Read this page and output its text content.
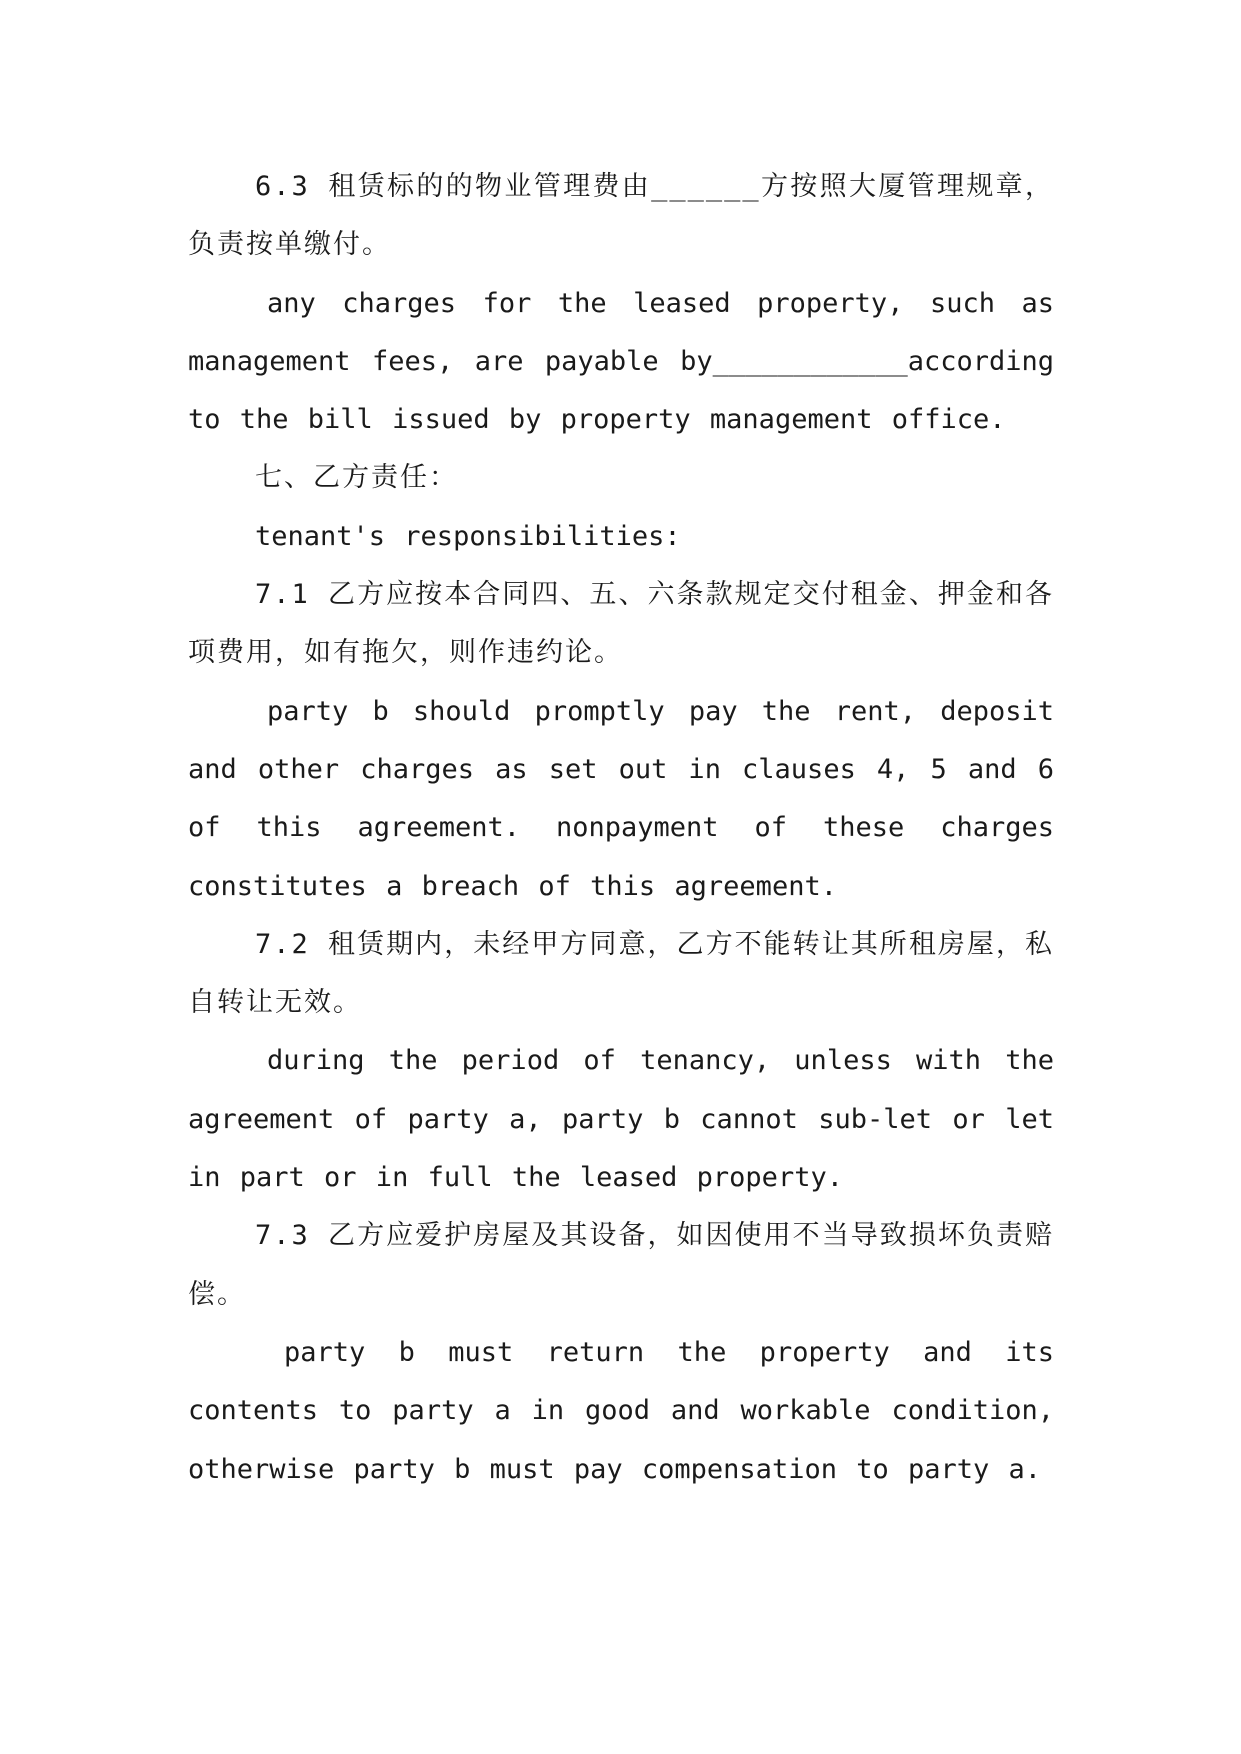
6.3 租赁标的的物业管理费由______方按照大厦管理规章，负责按单缴付。

any charges for the leased property, such as management fees, are payable by____________according to the bill issued by property management office.

七、乙方责任：

tenant's responsibilities:

7.1 乙方应按本合同四、五、六条款规定交付租金、押金和各项费用，如有拖欠，则作违约论。

party b should promptly pay the rent, deposit and other charges as set out in clauses 4, 5 and 6 of this agreement. nonpayment of these charges constitutes a breach of this agreement.

7.2 租赁期内，未经甲方同意，乙方不能转让其所租房屋，私自转让无效。

during the period of tenancy, unless with the agreement of party a, party b cannot sub-let or let in part or in full the leased property.

7.3 乙方应爱护房屋及其设备，如因使用不当导致损坏负责赔偿。

party b must return the property and its contents to party a in good and workable condition, otherwise party b must pay compensation to party a.
